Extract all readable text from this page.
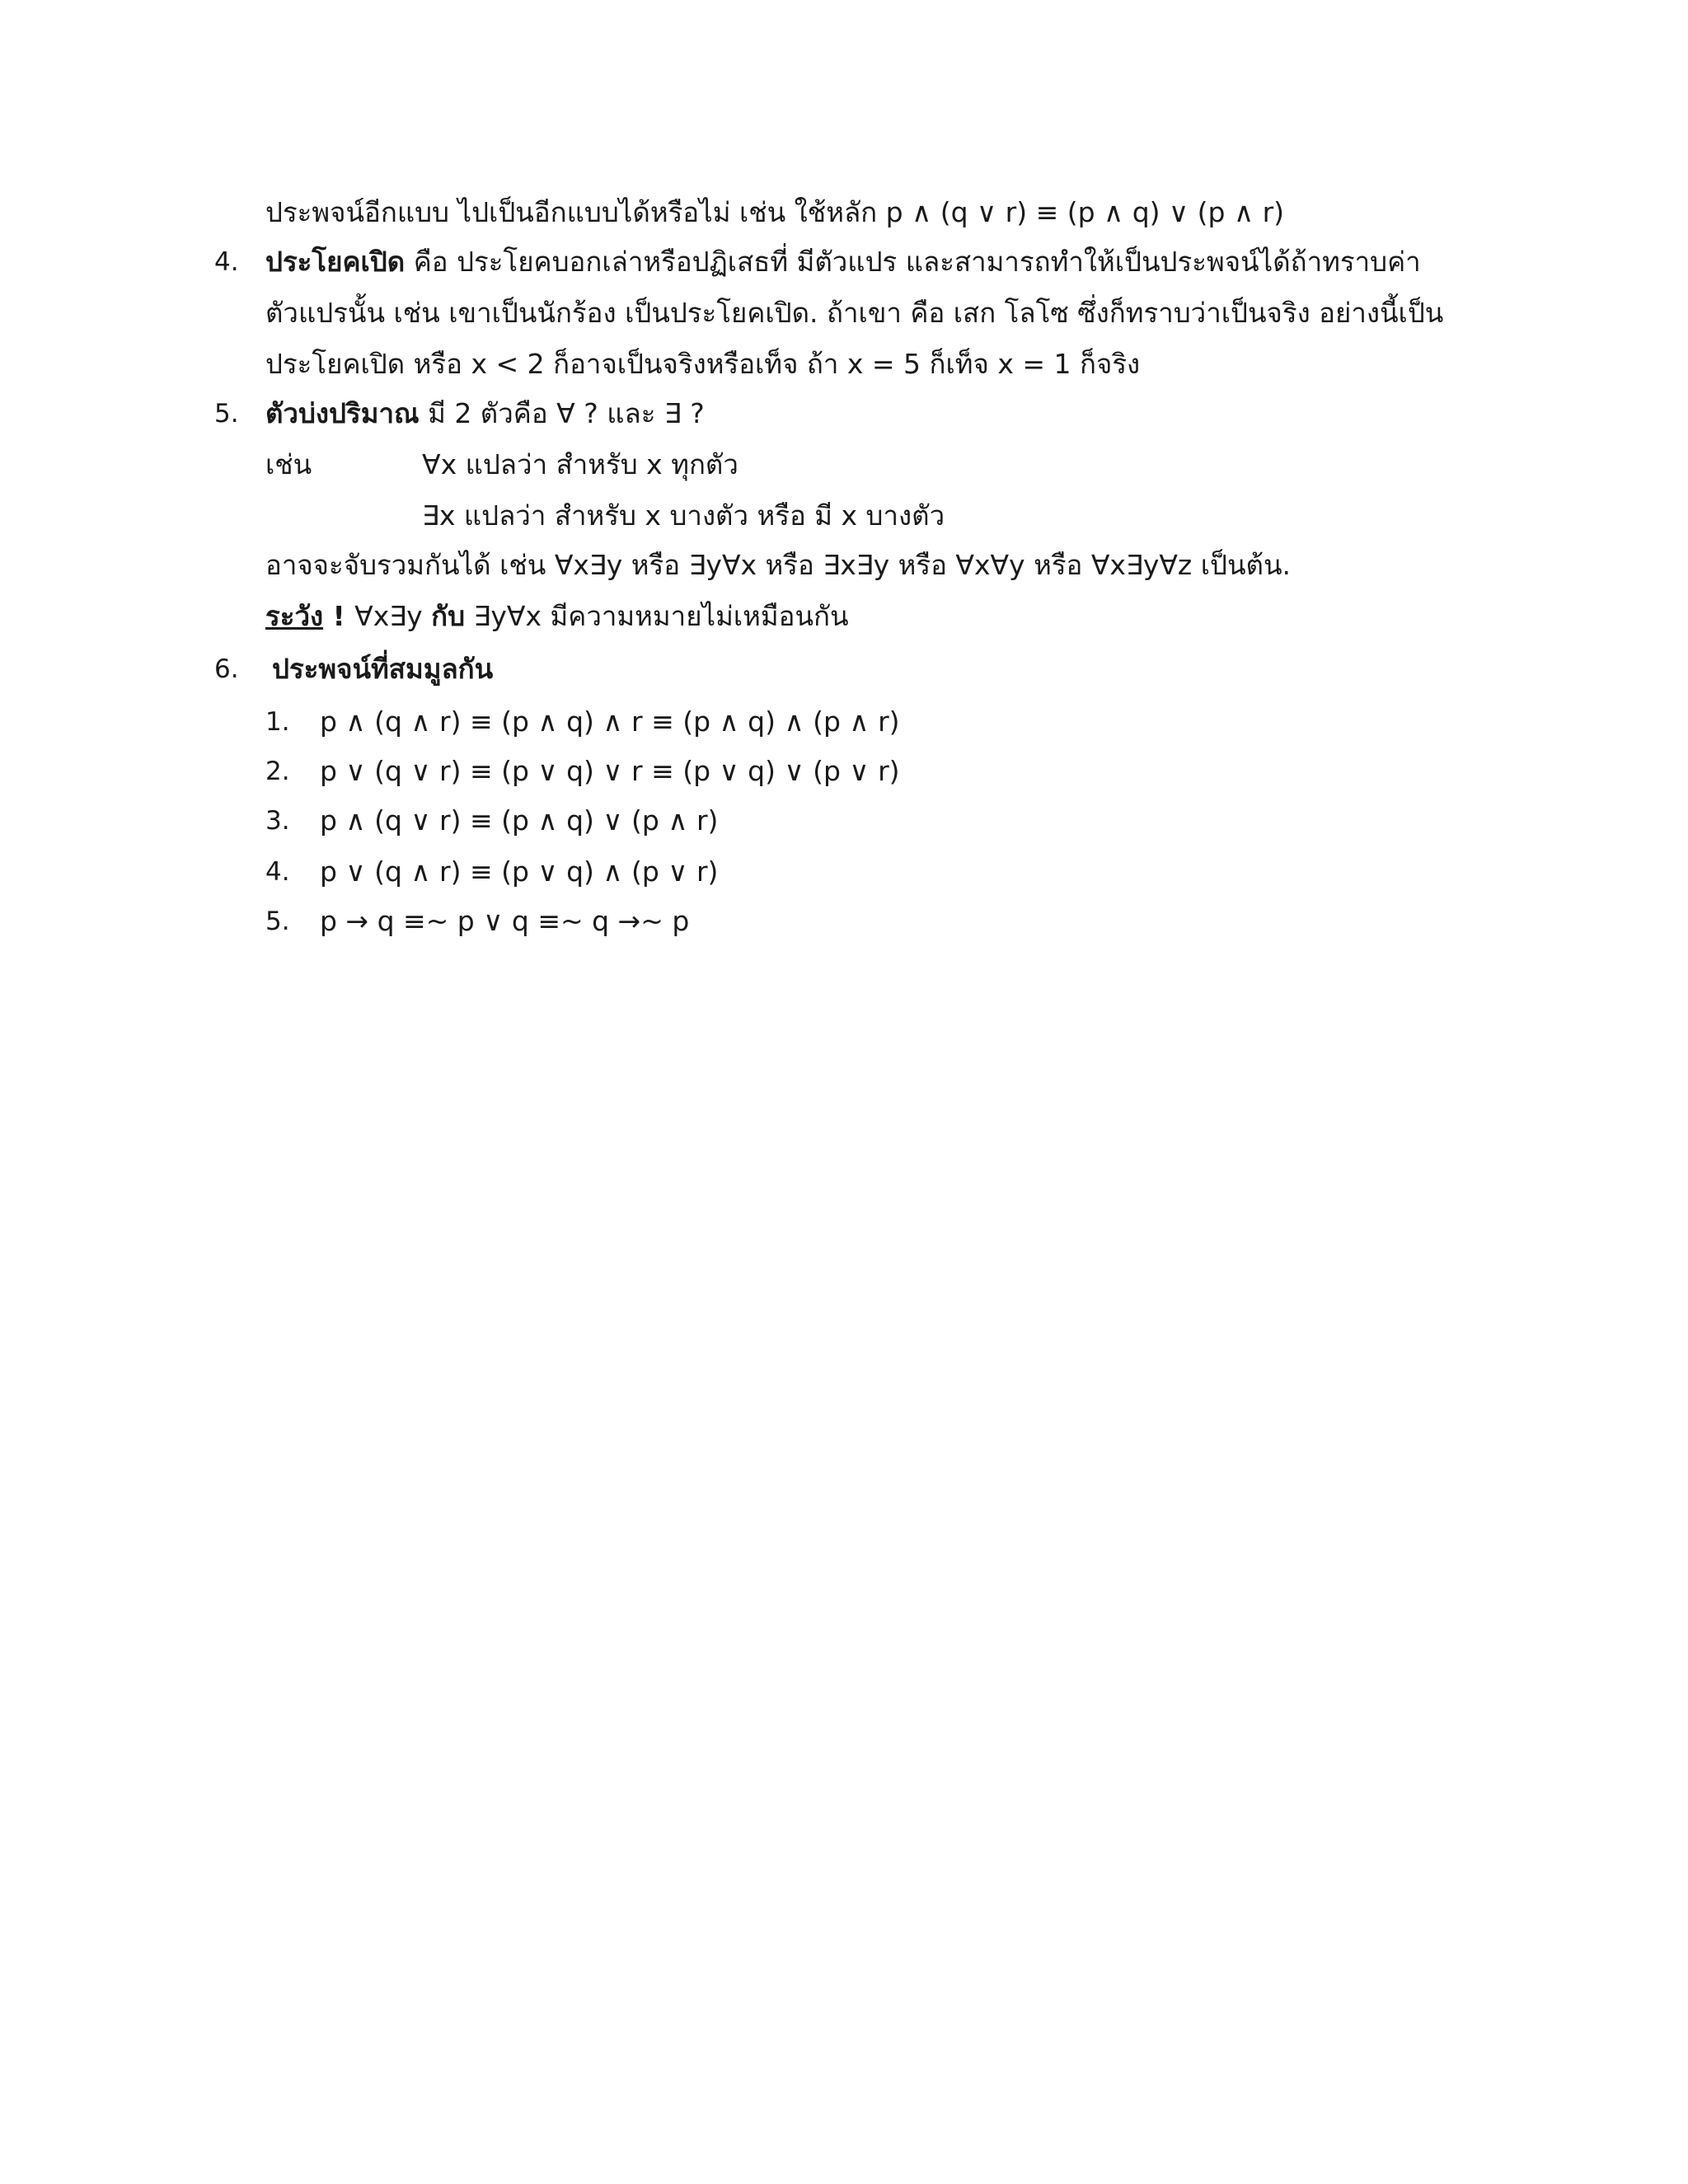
ประพจน์อีกแบบ ไปเป็นอีกแบบได้หรือไม่ เช่น ใช้หลัก p ∧ (q ∨ r) ≡ (p ∧ q) ∨ (p ∧ r)
4. ประโยคเปิด คือ ประโยคบอกเล่าหรือปฏิเสธที่ มีตัวแปร และสามารถทำให้เป็นประพจน์ได้ถ้าทราบค่า
ตัวแปรนั้น เช่น เขาเป็นนักร้อง เป็นประโยคเปิด. ถ้าเขา คือ เสก โลโซ ซึ่งก็ทราบว่าเป็นจริง อย่างนี้เป็น
ประโยคเปิด หรือ x < 2 ก็อาจเป็นจริงหรือเท็จ ถ้า x = 5 ก็เท็จ x = 1 ก็จริง
5. ตัวบ่งปริมาณ มี 2 ตัวคือ ∀ ? และ ∃ ?
เช่น	∀x แปลว่า สำหรับ x ทุกตัว
∃x แปลว่า สำหรับ x บางตัว หรือ มี x บางตัว
อาจจะจับรวมกันได้ เช่น ∀x∃y หรือ ∃y∀x หรือ ∃x∃y หรือ ∀x∀y หรือ ∀x∃y∀z เป็นต้น.
ระวัง ! ∀x∃y กับ ∃y∀x มีความหมายไม่เหมือนกัน
6. ประพจน์ที่สมมูลกัน
1. p ∧ (q ∧ r) ≡ (p ∧ q) ∧ r ≡ (p ∧ q) ∧ (p ∧ r)
2. p ∨ (q ∨ r) ≡ (p ∨ q) ∨ r ≡ (p ∨ q) ∨ (p ∨ r)
3. p ∧ (q ∨ r) ≡ (p ∧ q) ∨ (p ∧ r)
4. p ∨ (q ∧ r) ≡ (p ∨ q) ∧ (p ∨ r)
5. p → q ≡~ p ∨ q ≡~ q →~ p
